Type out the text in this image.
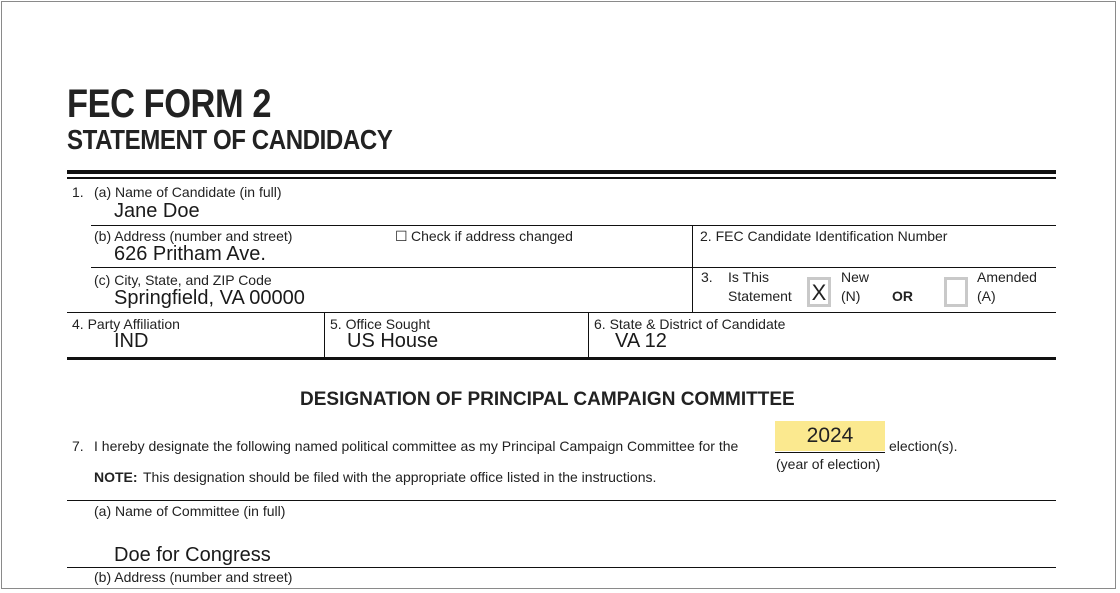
FEC FORM 2
STATEMENT OF CANDIDACY
1. (a) Name of Candidate (in full)
Jane Doe
(b) Address (number and street)	☐ Check if address changed
626 Pritham Ave.
(c) City, State, and ZIP Code
Springfield, VA 00000
2. FEC Candidate Identification Number
3. Is This
Statement X
New
(N) OR
Amended
(A)
4. Party Affiliation
IND
5. Office Sought
US House
6. State & District of Candidate
VA 12
DESIGNATION OF PRINCIPAL CAMPAIGN COMMITTEE
7. I hereby designate the following named political committee as my Principal Campaign Committee for the	2024
(year of election)
election(s).
NOTE: This designation should be filed with the appropriate office listed in the instructions.
(a) Name of Committee (in full)
Doe for Congress
(b) Address (number and street)
